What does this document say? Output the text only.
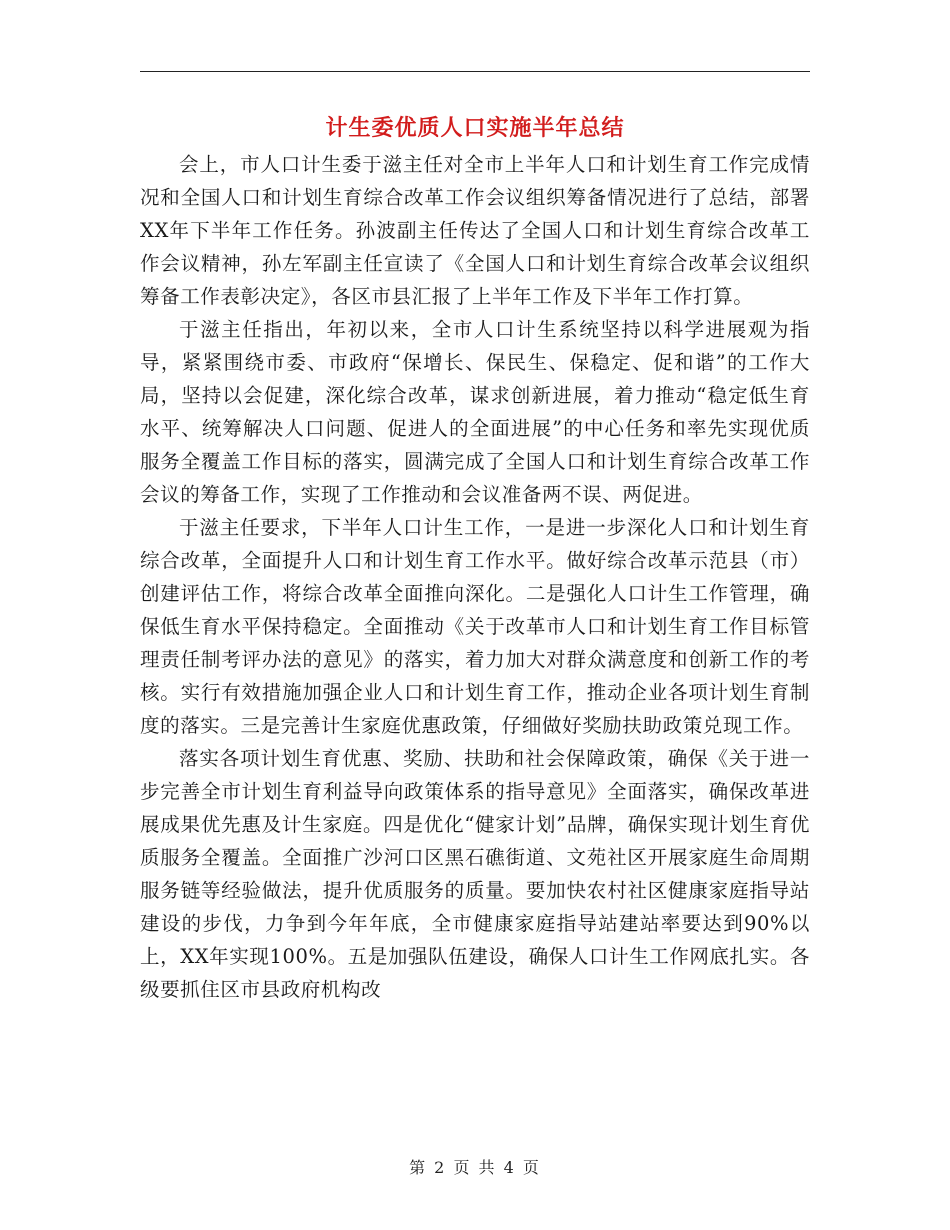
计生委优质人口实施半年总结

会上，市人口计生委于滋主任对全市上半年人口和计划生育工作完成情况和全国人口和计划生育综合改革工作会议组织筹备情况进行了总结，部署XX年下半年工作任务。孙波副主任传达了全国人口和计划生育综合改革工作会议精神，孙左军副主任宣读了《全国人口和计划生育综合改革会议组织筹备工作表彰决定》，各区市县汇报了上半年工作及下半年工作打算。

于滋主任指出，年初以来，全市人口计生系统坚持以科学进展观为指导，紧紧围绕市委、市政府“保增长、保民生、保稳定、促和谐”的工作大局，坚持以会促建，深化综合改革，谋求创新进展，着力推动“稳定低生育水平、统筹解决人口问题、促进人的全面进展”的中心任务和率先实现优质服务全覆盖工作目标的落实，圆满完成了全国人口和计划生育综合改革工作会议的筹备工作，实现了工作推动和会议准备两不误、两促进。

于滋主任要求，下半年人口计生工作，一是进一步深化人口和计划生育综合改革，全面提升人口和计划生育工作水平。做好综合改革示范县（市）创建评估工作，将综合改革全面推向深化。二是强化人口计生工作管理，确保低生育水平保持稳定。全面推动《关于改革市人口和计划生育工作目标管理责任制考评办法的意见》的落实，着力加大对群众满意度和创新工作的考核。实行有效措施加强企业人口和计划生育工作，推动企业各项计划生育制度的落实。三是完善计生家庭优惠政策，仔细做好奖励扶助政策兑现工作。

落实各项计划生育优惠、奖励、扶助和社会保障政策，确保《关于进一步完善全市计划生育利益导向政策体系的指导意见》全面落实，确保改革进展成果优先惠及计生家庭。四是优化“健家计划”品牌，确保实现计划生育优质服务全覆盖。全面推广沙河口区黑石礁街道、文苑社区开展家庭生命周期服务链等经验做法，提升优质服务的质量。要加快农村社区健康家庭指导站建设的步伐，力争到今年年底，全市健康家庭指导站建站率要达到90%以上，XX年实现100%。五是加强队伍建设，确保人口计生工作网底扎实。各级要抓住区市县政府机构改

第 2 页 共 4 页
